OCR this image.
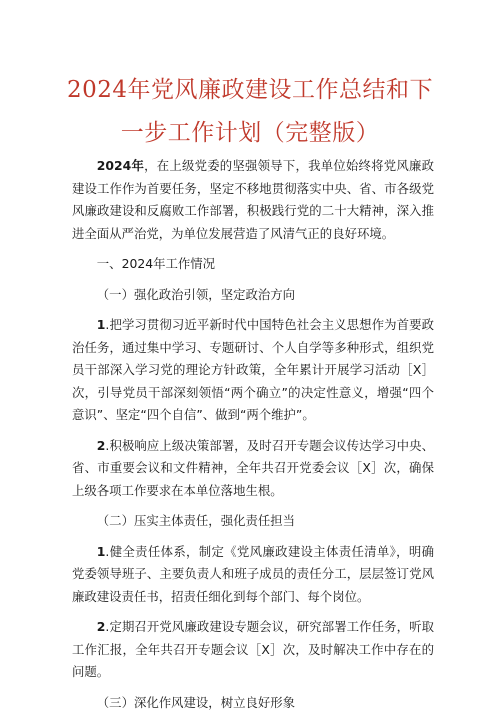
2024年党风廉政建设工作总结和下
一步工作计划（完整版）

2024年，在上级党委的坚强领导下，我单位始终将党风廉政建设工作作为首要任务，坚定不移地贯彻落实中央、省、市各级党风廉政建设和反腐败工作部署，积极践行党的二十大精神，深入推进全面从严治党，为单位发展营造了风清气正的良好环境。

一、2024年工作情况

（一）强化政治引领，坚定政治方向

1.把学习贯彻习近平新时代中国特色社会主义思想作为首要政治任务，通过集中学习、专题研讨、个人自学等多种形式，组织党员干部深入学习党的理论方针政策，全年累计开展学习活动［X］次，引导党员干部深刻领悟“两个确立”的决定性意义，增强“四个意识”、坚定“四个自信”、做到“两个维护”。

2.积极响应上级决策部署，及时召开专题会议传达学习中央、省、市重要会议和文件精神，全年共召开党委会议［X］次，确保上级各项工作要求在本单位落地生根。

（二）压实主体责任，强化责任担当

1.健全责任体系，制定《党风廉政建设主体责任清单》，明确党委领导班子、主要负责人和班子成员的责任分工，层层签订党风廉政建设责任书，招责任细化到每个部门、每个岗位。

2.定期召开党风廉政建设专题会议，研究部署工作任务，听取工作汇报，全年共召开专题会议［X］次，及时解决工作中存在的问题。

（三）深化作风建设，树立良好形象
